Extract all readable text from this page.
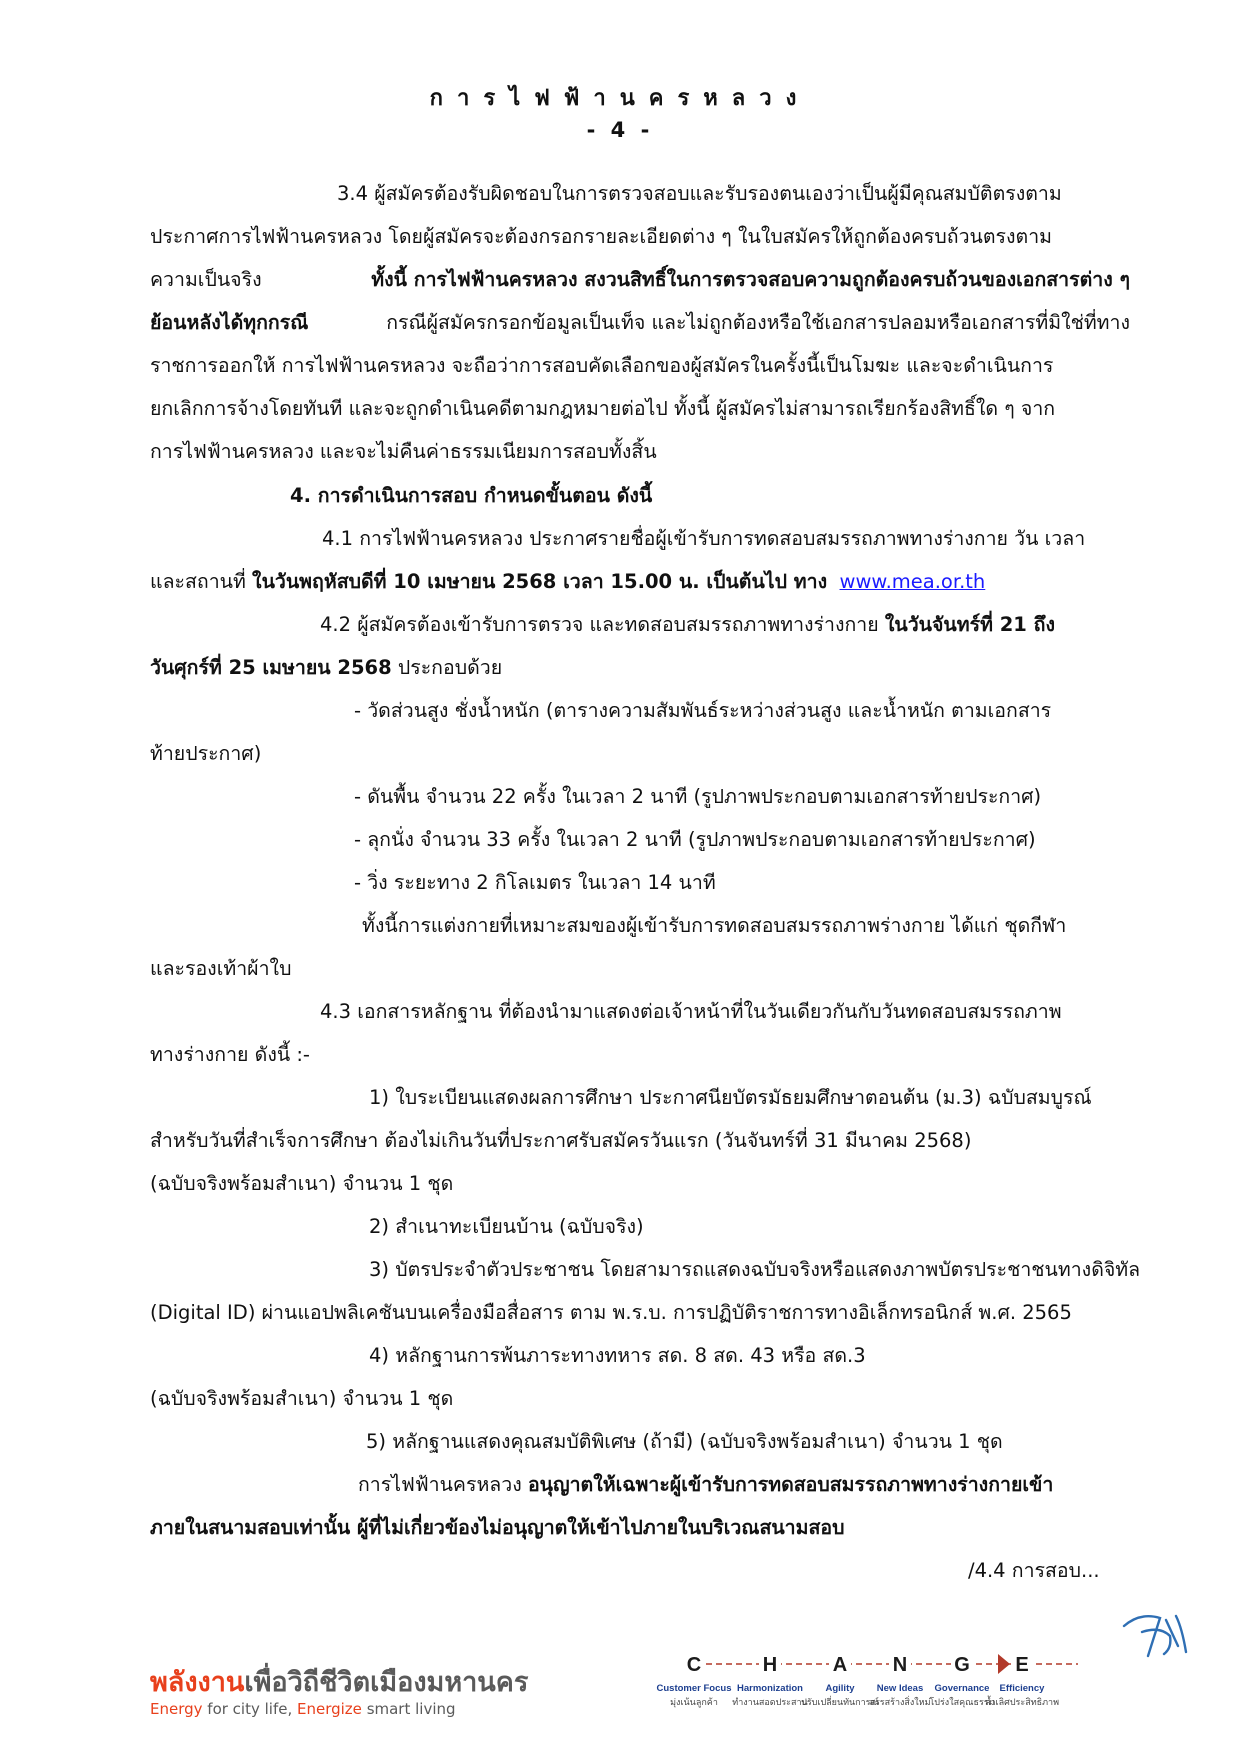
การไฟฟ้านครหลวง
- 4 -
3.4 ผู้สมัครต้องรับผิดชอบในการตรวจสอบและรับรองตนเองว่าเป็นผู้มีคุณสมบัติตรงตาม
ประกาศการไฟฟ้านครหลวง โดยผู้สมัครจะต้องกรอกรายละเอียดต่าง ๆ ในใบสมัครให้ถูกต้องครบถ้วนตรงตาม
ความเป็นจริง	ทั้งนี้ การไฟฟ้านครหลวง สงวนสิทธิ์ในการตรวจสอบความถูกต้องครบถ้วนของเอกสารต่าง ๆ
ย้อนหลังได้ทุกกรณี	กรณีผู้สมัครกรอกข้อมูลเป็นเท็จ และไม่ถูกต้องหรือใช้เอกสารปลอมหรือเอกสารที่มิใช่ที่ทาง
ราชการออกให้ การไฟฟ้านครหลวง จะถือว่าการสอบคัดเลือกของผู้สมัครในครั้งนี้เป็นโมฆะ และจะดำเนินการ
ยกเลิกการจ้างโดยทันที และจะถูกดำเนินคดีตามกฎหมายต่อไป ทั้งนี้ ผู้สมัครไม่สามารถเรียกร้องสิทธิ์ใด ๆ จาก
การไฟฟ้านครหลวง และจะไม่คืนค่าธรรมเนียมการสอบทั้งสิ้น
4. การดำเนินการสอบ กำหนดขั้นตอน ดังนี้
4.1 การไฟฟ้านครหลวง ประกาศรายชื่อผู้เข้ารับการทดสอบสมรรถภาพทางร่างกาย วัน เวลา
และสถานที่ ในวันพฤหัสบดีที่ 10 เมษายน 2568 เวลา 15.00 น. เป็นต้นไป ทาง www.mea.or.th
4.2 ผู้สมัครต้องเข้ารับการตรวจ และทดสอบสมรรถภาพทางร่างกาย ในวันจันทร์ที่ 21 ถึง
วันศุกร์ที่ 25 เมษายน 2568 ประกอบด้วย
- วัดส่วนสูง ชั่งน้ำหนัก (ตารางความสัมพันธ์ระหว่างส่วนสูง และน้ำหนัก ตามเอกสาร
ท้ายประกาศ)
- ดันพื้น จำนวน 22 ครั้ง ในเวลา 2 นาที (รูปภาพประกอบตามเอกสารท้ายประกาศ)
- ลุกนั่ง จำนวน 33 ครั้ง ในเวลา 2 นาที (รูปภาพประกอบตามเอกสารท้ายประกาศ)
- วิ่ง ระยะทาง 2 กิโลเมตร ในเวลา 14 นาที
ทั้งนี้การแต่งกายที่เหมาะสมของผู้เข้ารับการทดสอบสมรรถภาพร่างกาย ได้แก่ ชุดกีฬา
และรองเท้าผ้าใบ
4.3 เอกสารหลักฐาน ที่ต้องนำมาแสดงต่อเจ้าหน้าที่ในวันเดียวกันกับวันทดสอบสมรรถภาพ
ทางร่างกาย ดังนี้ :-
1) ใบระเบียนแสดงผลการศึกษา ประกาศนียบัตรมัธยมศึกษาตอนต้น (ม.3) ฉบับสมบูรณ์
สำหรับวันที่สำเร็จการศึกษา ต้องไม่เกินวันที่ประกาศรับสมัครวันแรก (วันจันทร์ที่ 31 มีนาคม 2568)
(ฉบับจริงพร้อมสำเนา) จำนวน 1 ชุด
2) สำเนาทะเบียนบ้าน (ฉบับจริง)
3) บัตรประจำตัวประชาชน โดยสามารถแสดงฉบับจริงหรือแสดงภาพบัตรประชาชนทางดิจิทัล
(Digital ID) ผ่านแอปพลิเคชันบนเครื่องมือสื่อสาร ตาม พ.ร.บ. การปฏิบัติราชการทางอิเล็กทรอนิกส์ พ.ศ. 2565
4) หลักฐานการพ้นภาระทางทหาร สด. 8 สด. 43 หรือ สด.3
(ฉบับจริงพร้อมสำเนา) จำนวน 1 ชุด
5) หลักฐานแสดงคุณสมบัติพิเศษ (ถ้ามี) (ฉบับจริงพร้อมสำเนา) จำนวน 1 ชุด
การไฟฟ้านครหลวง อนุญาตให้เฉพาะผู้เข้ารับการทดสอบสมรรถภาพทางร่างกายเข้า
ภายในสนามสอบเท่านั้น ผู้ที่ไม่เกี่ยวข้องไม่อนุญาตให้เข้าไปภายในบริเวณสนามสอบ
/4.4 การสอบ...
พลังงานเพื่อวิถีชีวิตเมืองมหานคร
Energy for city life, Energize smart living
C
Customer Focus
มุ่งเน้นลูกค้า
H
Harmonization
ทำงานสอดประสาน
A
Agility
ปรับเปลี่ยนทันการณ์
N
New Ideas
สรรสร้างสิ่งใหม่
G
Governance
โปร่งใสคุณธรรม
E
Efficiency
ล้ำเลิศประสิทธิภาพ
